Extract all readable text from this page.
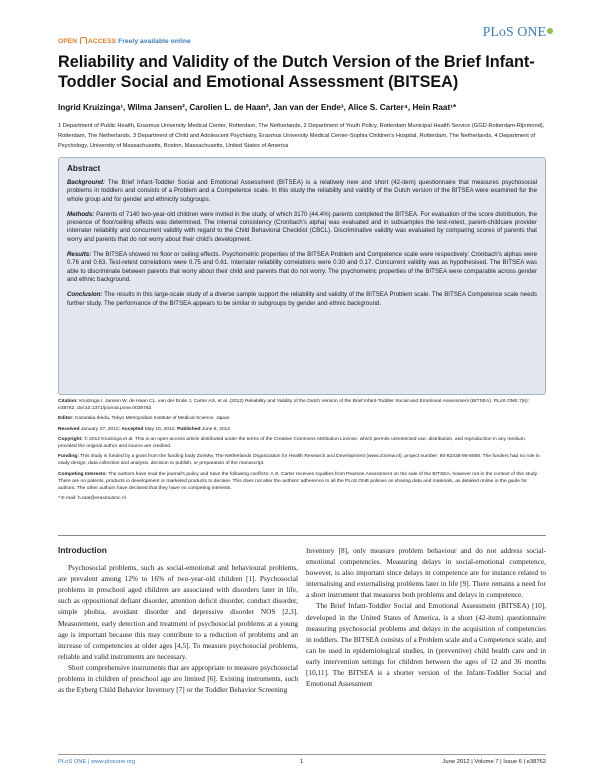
OPEN ACCESS Freely available online
PLoS ONE
Reliability and Validity of the Dutch Version of the Brief Infant-Toddler Social and Emotional Assessment (BITSEA)
Ingrid Kruizinga¹, Wilma Jansen², Carolien L. de Haan², Jan van der Ende³, Alice S. Carter⁴, Hein Raat¹*
1 Department of Public Health, Erasmus University Medical Center, Rotterdam, The Netherlands, 2 Department of Youth Policy, Rotterdam Municipal Health Service (GGD Rotterdam-Rijnmond), Rotterdam, The Netherlands, 3 Department of Child and Adolescent Psychiatry, Erasmus University Medical Center-Sophia Children's Hospital, Rotterdam, The Netherlands, 4 Department of Psychology, University of Massachusetts, Boston, Massachusetts, United States of America
Abstract

Background: The Brief Infant-Toddler Social and Emotional Assessment (BITSEA) is a relatively new and short (42-item) questionnaire that measures psychosocial problems in toddlers and consists of a Problem and a Competence scale. In this study the reliability and validity of the Dutch version of the BITSEA were examined for the whole group and for gender and ethnicity subgroups.

Methods: Parents of 7140 two-year-old children were invited in the study, of which 3170 (44.4%) parents completed the BITSEA. For evaluation of the score distribution, the presence of floor/ceiling effects was determined. The internal consistency (Cronbach's alpha) was evaluated and in subsamples the test-retest, parent-childcare provider interrater reliability and concurrent validity with regard to the Child Behavioral Checklist (CBCL). Discriminative validity was evaluated by comparing scores of parents that worry and parents that do not worry about their child's development.

Results: The BITSEA showed no floor or ceiling effects. Psychometric properties of the BITSEA Problem and Competence scale were respectively: Cronbach's alphas were 0.76 and 0.63. Test-retest correlations were 0.75 and 0.61. Interrater reliability correlations were 0.30 and 0.17. Concurrent validity was as hypothesised. The BITSEA was able to discriminate between parents that worry about their child and parents that do not worry. The psychometric properties of the BITSEA were comparable across gender and ethnic background.

Conclusion: The results in this large-scale study of a diverse sample support the reliability and validity of the BITSEA Problem scale. The BITSEA Competence scale needs further study. The performance of the BITSEA appears to be similar in subgroups by gender and ethnic background.

Citation: Kruizinga I, Jansen W, de Haan CL, van der Ende J, Carter AS, et al. (2012) Reliability and Validity of the Dutch Version of the Brief Infant-Toddler Social and Emotional Assessment (BITSEA). PLoS ONE 7(6): e38762. doi:10.1371/journal.pone.0038762

Editor: Kazutaka Ikeda, Tokyo Metropolitan Institute of Medical Science, Japan

Received January 27, 2012; Accepted May 10, 2012; Published June 8, 2012

Copyright: © 2012 Kruizinga et al. This is an open-access article distributed under the terms of the Creative Commons Attribution License, which permits unrestricted use, distribution, and reproduction in any medium, provided the original author and source are credited.

Funding: This study is funded by a grant from the funding body ZonMw, The Netherlands Organization for Health Research and Development (www.zonmw.nl), project number: 80-82435-98-8058. The funders had no role in study design, data collection and analysis, decision to publish, or preparation of the manuscript.

Competing Interests: The authors have read the journal's policy and have the following conflicts: A.S. Carter receives royalties from Pearson Assessment on the sale of the BITSEA, however not in the context of this study. There are no patents, products in development or marketed products to declare. This does not alter the authors' adherence to all the PLoS ONE policies on sharing data and materials, as detailed online in the guide for authors. The other authors have declared that they have no competing interests.

* E-mail: h.raat@erasmusmc.nl

Introduction

Psychosocial problems, such as social-emotional and behavioural problems, are prevalent among 12% to 16% of two-year-old children [1]. Psychosocial problems in preschool aged children are associated with disorders later in life, such as oppositional defiant disorder, attention deficit disorder, conduct disorder, simple phobia, avoidant disorder and depressive disorder NOS [2,3]. Measurement, early detection and treatment of psychosocial problems at a young age is important because this may contribute to a reduction of problems and an increase of competencies at older ages [4,5]. To measure psychosocial problems, reliable and valid instruments are necessary.

Short comprehensive instruments that are appropriate to measure psychosocial problems in children of preschool age are limited [6]. Existing instruments, such as the Eyberg Child Behavior Inventory [7] or the Toddler Behavior Screening

Inventory [8], only measure problem behaviour and do not address social-emotional competencies. Measuring delays in social-emotional competence, however, is also important since delays in competence are for instance related to internalising and externalising problems later in life [9]. There remains a need for a short instrument that measures both problems and delays in competence.

The Brief Infant-Toddler Social and Emotional Assessment (BITSEA) [10], developed in the United States of America, is a short (42-item) questionnaire measuring psychosocial problems and delays in the acquisition of competencies in toddlers. The BITSEA consists of a Problem scale and a Competence scale, and can be used in epidemiological studies, in (preventive) child health care and in early intervention settings for children between the ages of 12 and 36 months [10,11]. The BITSEA is a shorter version of the Infant-Toddler Social and Emotional Assessment

PLoS ONE | www.plosone.org	1	June 2012 | Volume 7 | Issue 6 | e38762
